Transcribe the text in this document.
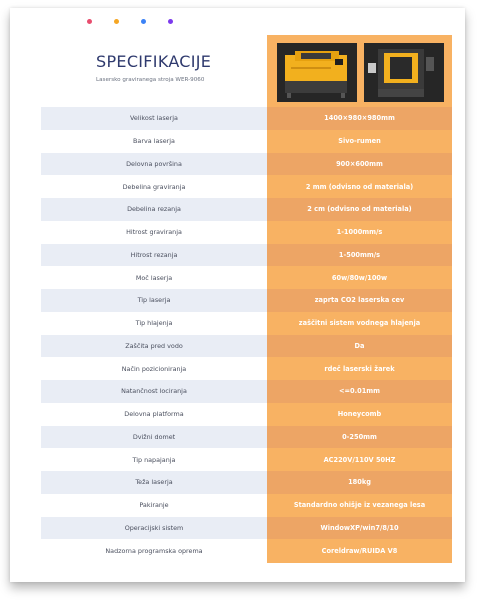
SPECIFIKACIJE
Lasersko graviranega stroja WER-9060
Velikost laserja	1400×980×980mm
Barva laserja	Sivo-rumen
Delovna površina	900×600mm
Debelina graviranja	2 mm (odvisno od materiala)
Debelina rezanja	2 cm (odvisno od materiala)
Hitrost graviranja	1-1000mm/s
Hitrost rezanja	1-500mm/s
Moč laserja	60w/80w/100w
Tip laserja	zaprta CO2 laserska cev
Tip hlajenja	zaščitni sistem vodnega hlajenja
Zaščita pred vodo	Da
Način pozicioniranja	rdeč laserski žarek
Natančnost lociranja	<=0.01mm
Delovna platforma	Honeycomb
Dvižni domet	0-250mm
Tip napajanja	AC220V/110V 50HZ
Teža laserja	180kg
Pakiranje	Standardno ohišje iz vezanega lesa
Operacijski sistem	WindowXP/win7/8/10
Nadzorna programska oprema	Coreldraw/RUIDA V8
